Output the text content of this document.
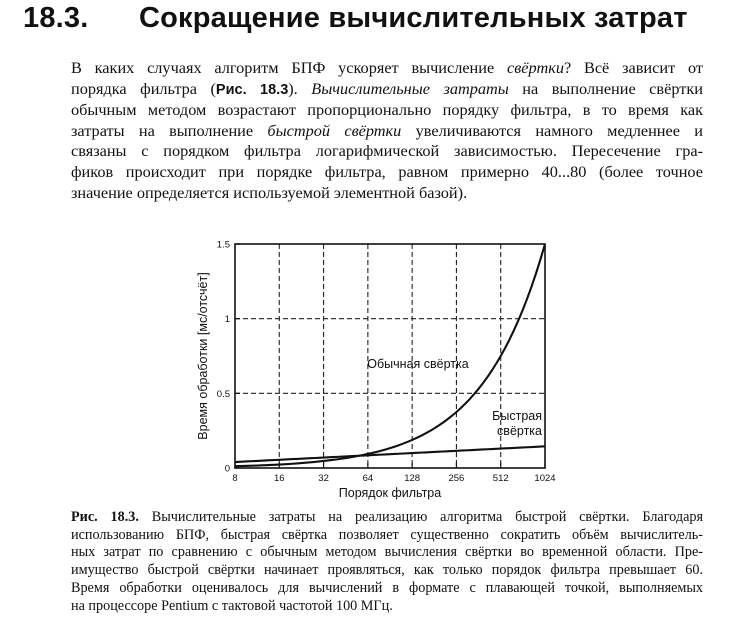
18.3. Сокращение вычислительных затрат

В каких случаях алгоритм БПФ ускоряет вычисление свёртки? Всё зависит от
порядка фильтра (Рис. 18.3). Вычислительные затраты на выполнение свёртки
обычным методом возрастают пропорционально порядку фильтра, в то время как
затраты на выполнение быстрой свёртки увеличиваются намного медленнее и
связаны с порядком фильтра логарифмической зависимостью. Пересечение гра-
фиков происходит при порядке фильтра, равном примерно 40...80 (более точное
значение определяется используемой элементной базой).

8	16	32	64	128	256	512	1024
0
0.5
1
1.5
Обычная свёртка
Быстрая свёртка
Порядок фильтра
Время обработки [мс/отсчёт]

Рис. 18.3. Вычислительные затраты на реализацию алгоритма быстрой свёртки. Благодаря
использованию БПФ, быстрая свёртка позволяет существенно сократить объём вычислитель-
ных затрат по сравнению с обычным методом вычисления свёртки во временной области. Пре-
имущество быстрой свёртки начинает проявляться, как только порядок фильтра превышает 60.
Время обработки оценивалось для вычислений в формате с плавающей точкой, выполняемых
на процессоре Pentium с тактовой частотой 100 МГц.
